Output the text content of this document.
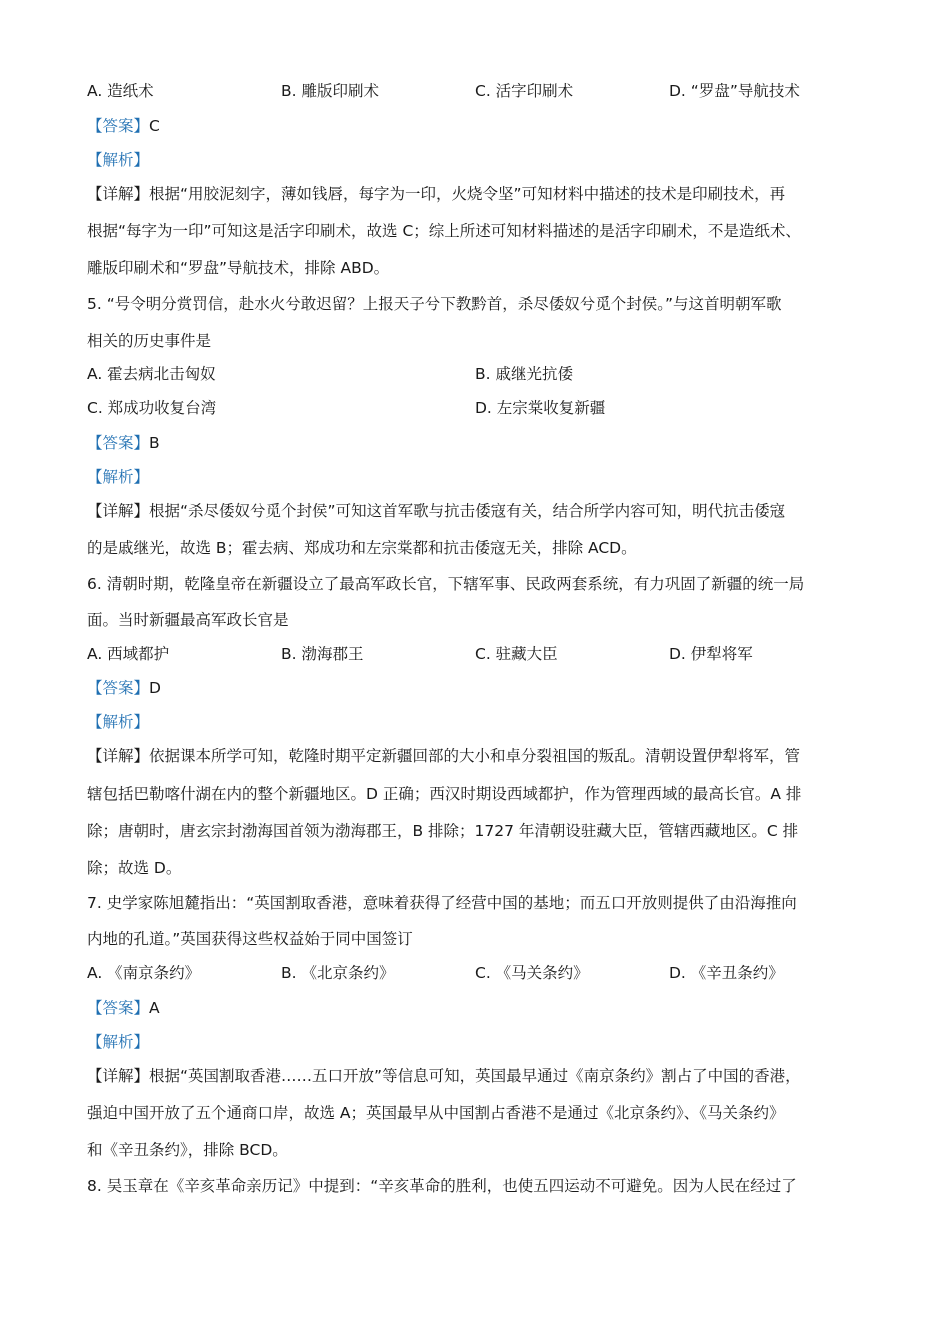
A. 造纸术	B. 雕版印刷术	C. 活字印刷术	D. “罗盘”导航技术
【答案】C
【解析】
【详解】根据“用胶泥刻字，薄如钱唇，每字为一印，火烧令坚”可知材料中描述的技术是印刷技术，再
根据“每字为一印”可知这是活字印刷术，故选 C；综上所述可知材料描述的是活字印刷术，不是造纸术、
雕版印刷术和“罗盘”导航技术，排除 ABD。
5. “号令明分赏罚信，赴水火兮敢迟留？上报天子兮下教黔首，杀尽倭奴兮觅个封侯。”与这首明朝军歌
相关的历史事件是
A. 霍去病北击匈奴	B. 戚继光抗倭
C. 郑成功收复台湾	D. 左宗棠收复新疆
【答案】B
【解析】
【详解】根据“杀尽倭奴兮觅个封侯”可知这首军歌与抗击倭寇有关，结合所学内容可知，明代抗击倭寇
的是戚继光，故选 B；霍去病、郑成功和左宗棠都和抗击倭寇无关，排除 ACD。
6. 清朝时期，乾隆皇帝在新疆设立了最高军政长官，下辖军事、民政两套系统，有力巩固了新疆的统一局
面。当时新疆最高军政长官是
A. 西域都护	B. 渤海郡王	C. 驻藏大臣	D. 伊犁将军
【答案】D
【解析】
【详解】依据课本所学可知，乾隆时期平定新疆回部的大小和卓分裂祖国的叛乱。清朝设置伊犁将军，管
辖包括巴勒喀什湖在内的整个新疆地区。D 正确；西汉时期设西域都护，作为管理西域的最高长官。A 排
除；唐朝时，唐玄宗封渤海国首领为渤海郡王，B 排除；1727 年清朝设驻藏大臣，管辖西藏地区。C 排
除；故选 D。
7. 史学家陈旭麓指出：“英国割取香港，意味着获得了经营中国的基地；而五口开放则提供了由沿海推向
内地的孔道。”英国获得这些权益始于同中国签订
A. 《南京条约》	B. 《北京条约》	C. 《马关条约》	D. 《辛丑条约》
【答案】A
【解析】
【详解】根据“英国割取香港……五口开放”等信息可知，英国最早通过《南京条约》割占了中国的香港，
强迫中国开放了五个通商口岸，故选 A；英国最早从中国割占香港不是通过《北京条约》、《马关条约》
和《辛丑条约》，排除 BCD。
8. 吴玉章在《辛亥革命亲历记》中提到：“辛亥革命的胜利，也使五四运动不可避免。因为人民在经过了
